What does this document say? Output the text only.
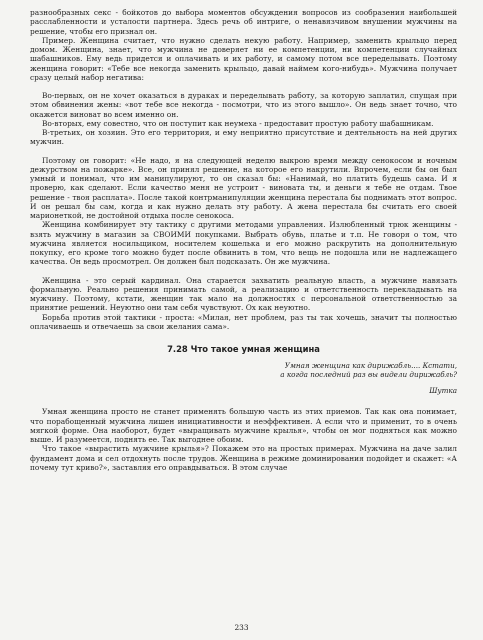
разнообразных секс - бойкотов до выбора моментов обсуждения вопросов из сообразения наибольшей расслабленности и усталости партнера. Здесь речь об интриге, о ненавязчивом внушении мужчины на решение, чтобы его признал он.

Пример. Женщина считает, что нужно сделать некую работу. Например, заменить крыльцо перед домом. Женщина, знает, что мужчина не доверяет ни ее компетенции, ни компетенции случайных шабашников. Ему ведь придется и оплачивать и их работу, и самому потом все переделывать. Поэтому женщина говорит: «Тебе все некогда заменить крыльцо, давай наймем кого-нибудь». Мужчина получает сразу целый набор негатива:

Во-первых, он не хочет оказаться в дураках и переделывать работу, за которую заплатил, спущая при этом обвинения жены: «вот тебе все некогда - посмотри, что из этого вышло». Он ведь знает точно, что окажется виноват во всем именно он.

Во-вторых, ему совестно, что он поступит как неумеха - предоставит простую работу шабашникам.

В-третьих, он хозяин. Это его территория, и ему неприятно присутствие и деятельность на ней других мужчин.

Поэтому он говорит: «Не надо, я на следующей неделю выкрою время между сенокосом и ночным дежурством на пожарке». Все, он принял решение, на которое его накрутили. Впрочем, если бы он был умный и понимал, что им манипулируют, то он сказал бы: «Нанимай, но платить будешь сама. И я проверю, как сделают. Если качество меня не устроит - виновата ты, и деньги я тебе не отдам. Твое решение - твоя расплата». После такой контрманипуляции женщина перестала бы поднимать этот вопрос. И он решал бы сам, когда и как нужно делать эту работу. А жена перестала бы считать его своей марионеткой, не достойной отдыха после сенокоса.

Женщина комбинирует эту тактику с другими методами управления. Излюбленный трюк женщины - взять мужчину в магазин за СВОИМИ покупками. Выбрать обувь, платье и т.п. Не говоря о том, что мужчина является носильщиком, носителем кошелька и его можно раскрутить на дополнительную покупку, его кроме того можно будет после обвинить в том, что вещь не подошла или не надлежащего качества. Он ведь просмотрел. Он должен был подсказать. Он же мужчина.

Женщина - это серый кардинал. Она старается захватить реальную власть, а мужчине навязать формальную. Реально решения принимать самой, а реализацию и ответственность перекладывать на мужчину. Поэтому, кстати, женщин так мало на должностях с персональной ответственностью за принятие решений. Неуютно они там себя чувствуют. Ох как неуютно.

Борьба против этой тактики - проста: «Милая, нет проблем, раз ты так хочешь, значит ты полностью оплачиваешь и отвечаешь за свои желания сама».

7.28 Что такое умная женщина
Умная женщина как дирижабль.... Кстати,
а когда последний раз вы видели дирижабль?
Шутка

Умная женщина просто не станет применять большую часть из этих приемов. Так как она понимает, что порабощенный мужчина лишен инициативности и неэффективен. А если что и применит, то в очень мягкой форме. Она наоборот, будет «выращивать мужчине крылья», чтобы он мог подняться как можно выше. И разумеется, поднять ее. Так выгоднее обоим.

Что такое «вырастить мужчине крылья»? Покажем это на простых примерах. Мужчина на даче залил фундамент дома и сел отдохнуть после трудов. Женщина в режиме доминирования подойдет и скажет: «А почему тут криво?», заставляя его оправдываться. В этом случае

233
